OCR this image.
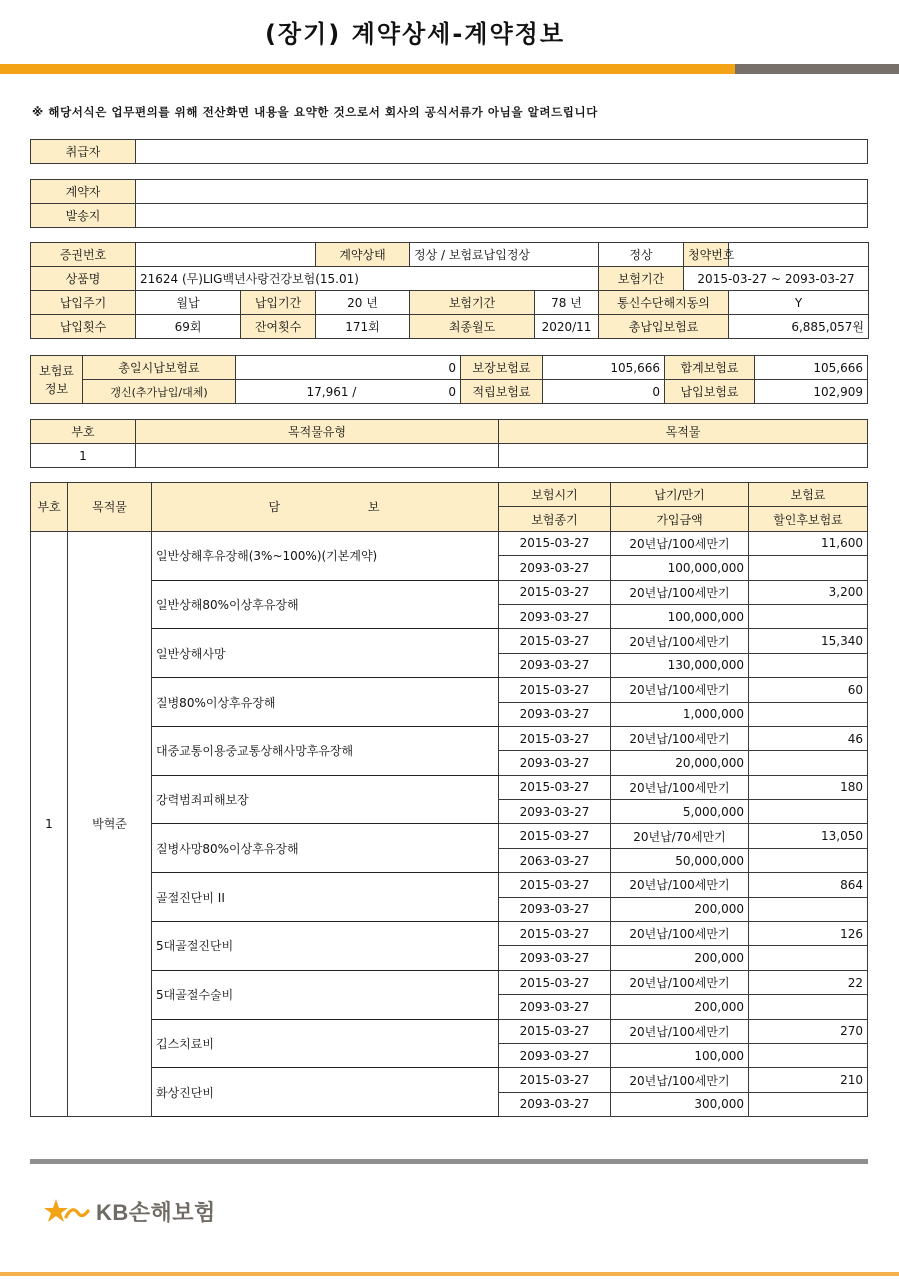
(장기) 계약상세-계약정보
※ 해당서식은 업무편의를 위해 전산화면 내용을 요약한 것으로서 회사의 공식서류가 아님을 알려드립니다
취급자	
계약자	
발송지	
증권번호			계약상태	정상 / 보험료납입정상		정상	청약번호	
상품명	21624 (무)LIG백년사랑건강보험(15.01)					보험기간	2015-03-27 ~ 2093-03-27	
납입주기	월납	납입기간	20 년	보험기간	78 년	통신수단해지동의		Y
납입횟수	69회	잔여횟수	171회	최종월도	2020/11	총납입보험료		6,885,057원
보험료
정보	총일시납보험료	0	보장보험료	105,666	합계보험료	105,666
	갱신(추가납입/대체)	17,961 / 0	적립보험료	0	납입보험료	102,909
부호	목적물유형	목적물
1		
부호	목적물	담 보	보험시기	납기/만기	보험료
			보험종기	가입금액	할인후보험료
1	박혁준	일반상해후유장해(3%~100%)(기본계약)	2015-03-27	20년납/100세만기	11,600
			2093-03-27	100,000,000	
		일반상해80%이상후유장해	2015-03-27	20년납/100세만기	3,200
			2093-03-27	100,000,000	
		일반상해사망	2015-03-27	20년납/100세만기	15,340
			2093-03-27	130,000,000	
		질병80%이상후유장해	2015-03-27	20년납/100세만기	60
			2093-03-27	1,000,000	
		대중교통이용중교통상해사망후유장해	2015-03-27	20년납/100세만기	46
			2093-03-27	20,000,000	
		강력범죄피해보장	2015-03-27	20년납/100세만기	180
			2093-03-27	5,000,000	
		질병사망80%이상후유장해	2015-03-27	20년납/70세만기	13,050
			2063-03-27	50,000,000	
		골절진단비 II	2015-03-27	20년납/100세만기	864
			2093-03-27	200,000	
		5대골절진단비	2015-03-27	20년납/100세만기	126
			2093-03-27	200,000	
		5대골절수술비	2015-03-27	20년납/100세만기	22
			2093-03-27	200,000	
		깁스치료비	2015-03-27	20년납/100세만기	270
			2093-03-27	100,000	
		화상진단비	2015-03-27	20년납/100세만기	210
			2093-03-27	300,000	
KB손해보험
